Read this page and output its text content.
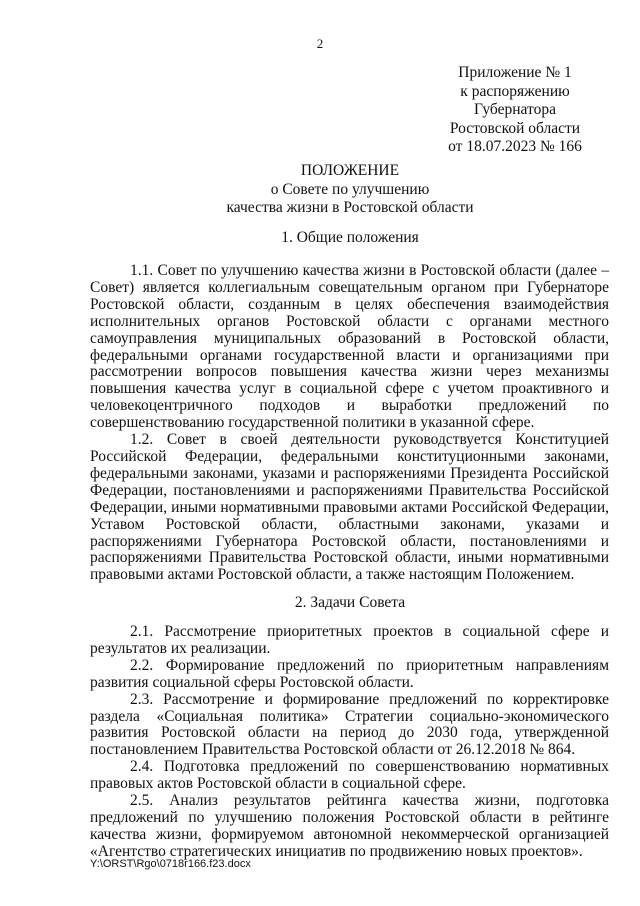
2
Приложение № 1
к распоряжению
Губернатора
Ростовской области
от 18.07.2023 № 166
ПОЛОЖЕНИЕ
о Совете по улучшению
качества жизни в Ростовской области
1. Общие положения

1.1. Совет по улучшению качества жизни в Ростовской области (далее – Совет) является коллегиальным совещательным органом при Губернаторе Ростовской области, созданным в целях обеспечения взаимодействия исполнительных органов Ростовской области с органами местного самоуправления муниципальных образований в Ростовской области, федеральными органами государственной власти и организациями при рассмотрении вопросов повышения качества жизни через механизмы повышения качества услуг в социальной сфере с учетом проактивного и человекоцентричного подходов и выработки предложений по совершенствованию государственной политики в указанной сфере.

1.2. Совет в своей деятельности руководствуется Конституцией Российской Федерации, федеральными конституционными законами, федеральными законами, указами и распоряжениями Президента Российской Федерации, постановлениями и распоряжениями Правительства Российской Федерации, иными нормативными правовыми актами Российской Федерации, Уставом Ростовской области, областными законами, указами и распоряжениями Губернатора Ростовской области, постановлениями и распоряжениями Правительства Ростовской области, иными нормативными правовыми актами Ростовской области, а также настоящим Положением.

2. Задачи Совета

2.1. Рассмотрение приоритетных проектов в социальной сфере и результатов их реализации.

2.2. Формирование предложений по приоритетным направлениям развития социальной сферы Ростовской области.

2.3. Рассмотрение и формирование предложений по корректировке раздела «Социальная политика» Стратегии социально-экономического развития Ростовской области на период до 2030 года, утвержденной постановлением Правительства Ростовской области от 26.12.2018 № 864.

2.4. Подготовка предложений по совершенствованию нормативных правовых актов Ростовской области в социальной сфере.

2.5. Анализ результатов рейтинга качества жизни, подготовка предложений по улучшению положения Ростовской области в рейтинге качества жизни, формируемом автономной некоммерческой организацией «Агентство стратегических инициатив по продвижению новых проектов».

Y:\ORST\Rgo\0718r166.f23.docx
